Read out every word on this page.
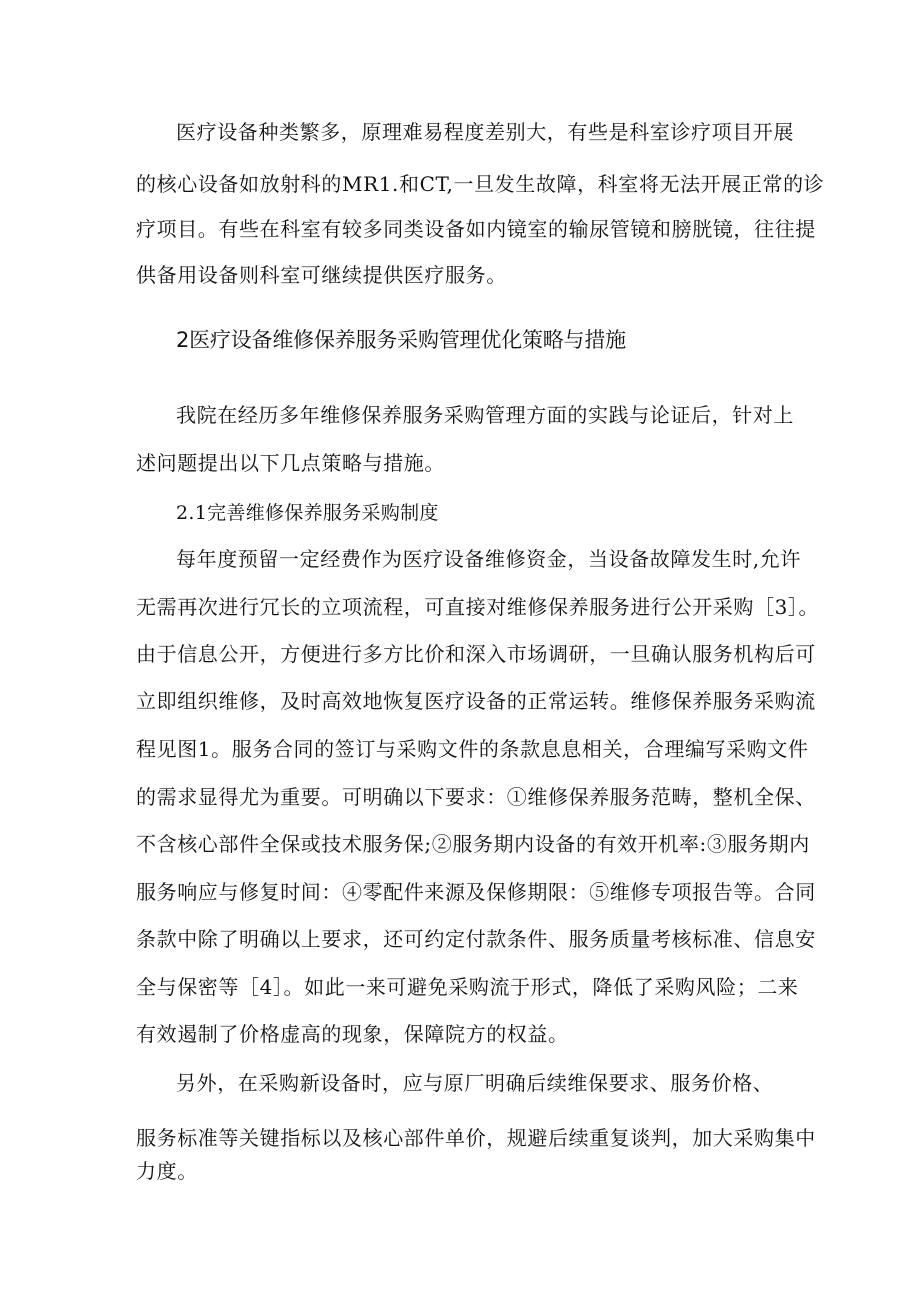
医疗设备种类繁多，原理难易程度差别大，有些是科室诊疗项目开展
的核心设备如放射科的MR1.和CT,一旦发生故障，科室将无法开展正常的诊
疗项目。有些在科室有较多同类设备如内镜室的输尿管镜和膀胱镜，往往提
供备用设备则科室可继续提供医疗服务。
2医疗设备维修保养服务采购管理优化策略与措施
我院在经历多年维修保养服务采购管理方面的实践与论证后，针对上
述问题提出以下几点策略与措施。
2.1完善维修保养服务采购制度
每年度预留一定经费作为医疗设备维修资金，当设备故障发生时,允许
无需再次进行冗长的立项流程，可直接对维修保养服务进行公开采购［3］。
由于信息公开，方便进行多方比价和深入市场调研，一旦确认服务机构后可
立即组织维修，及时高效地恢复医疗设备的正常运转。维修保养服务采购流
程见图1。服务合同的签订与采购文件的条款息息相关，合理编写采购文件
的需求显得尤为重要。可明确以下要求：①维修保养服务范畴，整机全保、
不含核心部件全保或技术服务保;②服务期内设备的有效开机率:③服务期内
服务响应与修复时间：④零配件来源及保修期限：⑤维修专项报告等。合同
条款中除了明确以上要求，还可约定付款条件、服务质量考核标准、信息安
全与保密等［4］。如此一来可避免采购流于形式，降低了采购风险；二来
有效遏制了价格虚高的现象，保障院方的权益。
另外，在采购新设备时，应与原厂明确后续维保要求、服务价格、
服务标准等关键指标以及核心部件单价，规避后续重复谈判，加大采购集中
力度。
